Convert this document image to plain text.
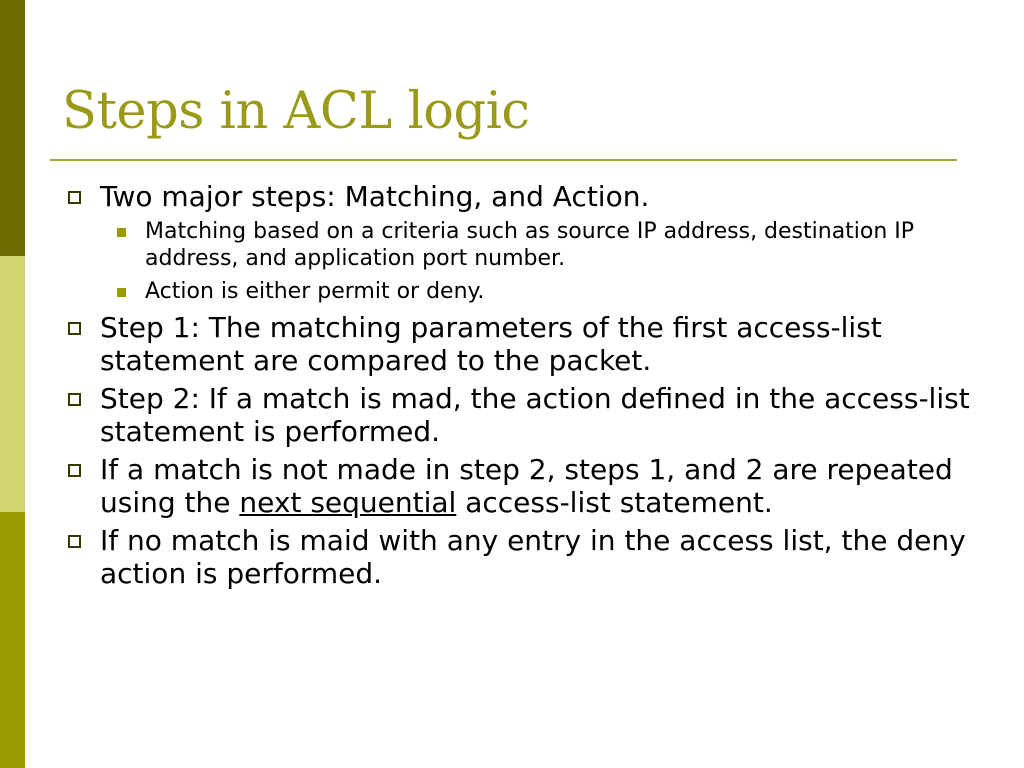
Steps in ACL logic
Two major steps: Matching, and Action.
Matching based on a criteria such as source IP address, destination IP address, and application port number.
Action is either permit or deny.
Step 1: The matching parameters of the first access-list statement are compared to the packet.
Step 2: If a match is mad, the action defined in the access-list statement is performed.
If a match is not made in step 2, steps 1, and 2 are repeated using the next sequential access-list statement.
If no match is maid with any entry in the access list, the deny action is performed.
